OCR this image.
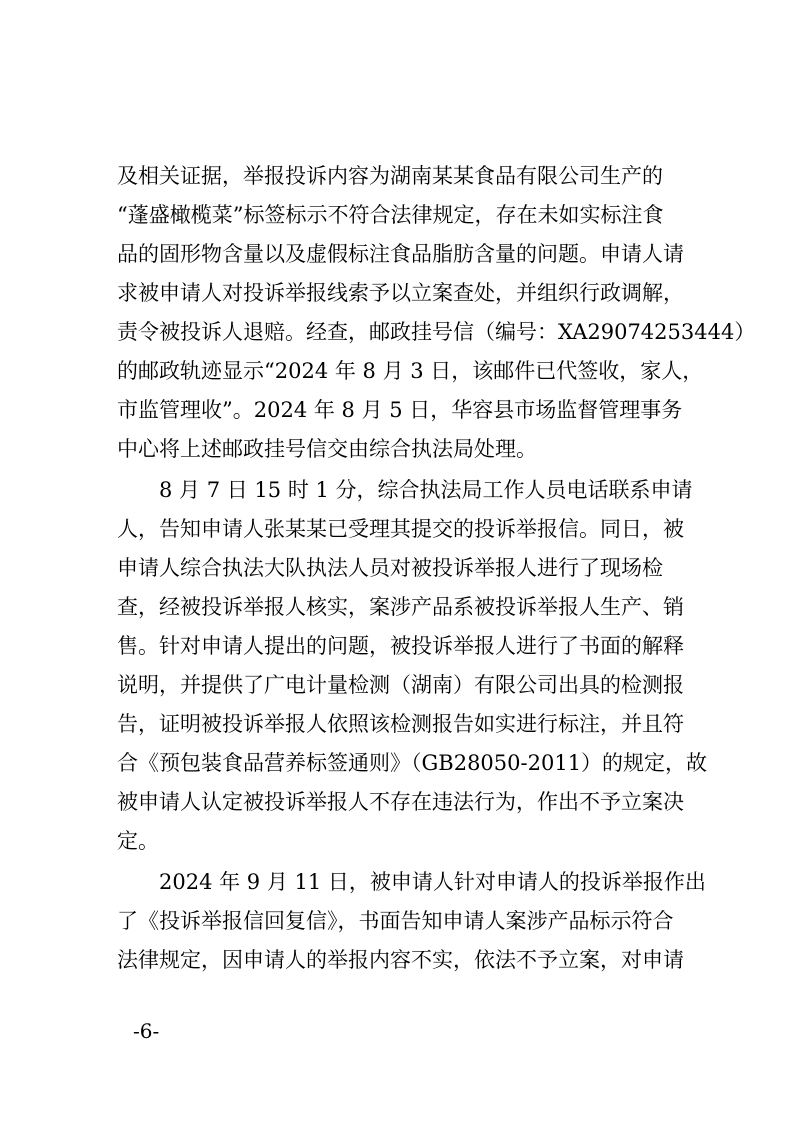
及相关证据，举报投诉内容为湖南某某食品有限公司生产的
“蓬盛橄榄菜”标签标示不符合法律规定，存在未如实标注食
品的固形物含量以及虚假标注食品脂肪含量的问题。申请人请
求被申请人对投诉举报线索予以立案查处，并组织行政调解，
责令被投诉人退赔。经查，邮政挂号信（编号：XA29074253444）
的邮政轨迹显示“2024 年 8 月 3 日，该邮件已代签收，家人，
市监管理收”。2024 年 8 月 5 日，华容县市场监督管理事务
中心将上述邮政挂号信交由综合执法局处理。
8 月 7 日 15 时 1 分，综合执法局工作人员电话联系申请
人，告知申请人张某某已受理其提交的投诉举报信。同日，被
申请人综合执法大队执法人员对被投诉举报人进行了现场检
查，经被投诉举报人核实，案涉产品系被投诉举报人生产、销
售。针对申请人提出的问题，被投诉举报人进行了书面的解释
说明，并提供了广电计量检测（湖南）有限公司出具的检测报
告，证明被投诉举报人依照该检测报告如实进行标注，并且符
合《预包装食品营养标签通则》（GB28050-2011）的规定，故
被申请人认定被投诉举报人不存在违法行为，作出不予立案决
定。
2024 年 9 月 11 日，被申请人针对申请人的投诉举报作出
了《投诉举报信回复信》，书面告知申请人案涉产品标示符合
法律规定，因申请人的举报内容不实，依法不予立案，对申请
-6-
